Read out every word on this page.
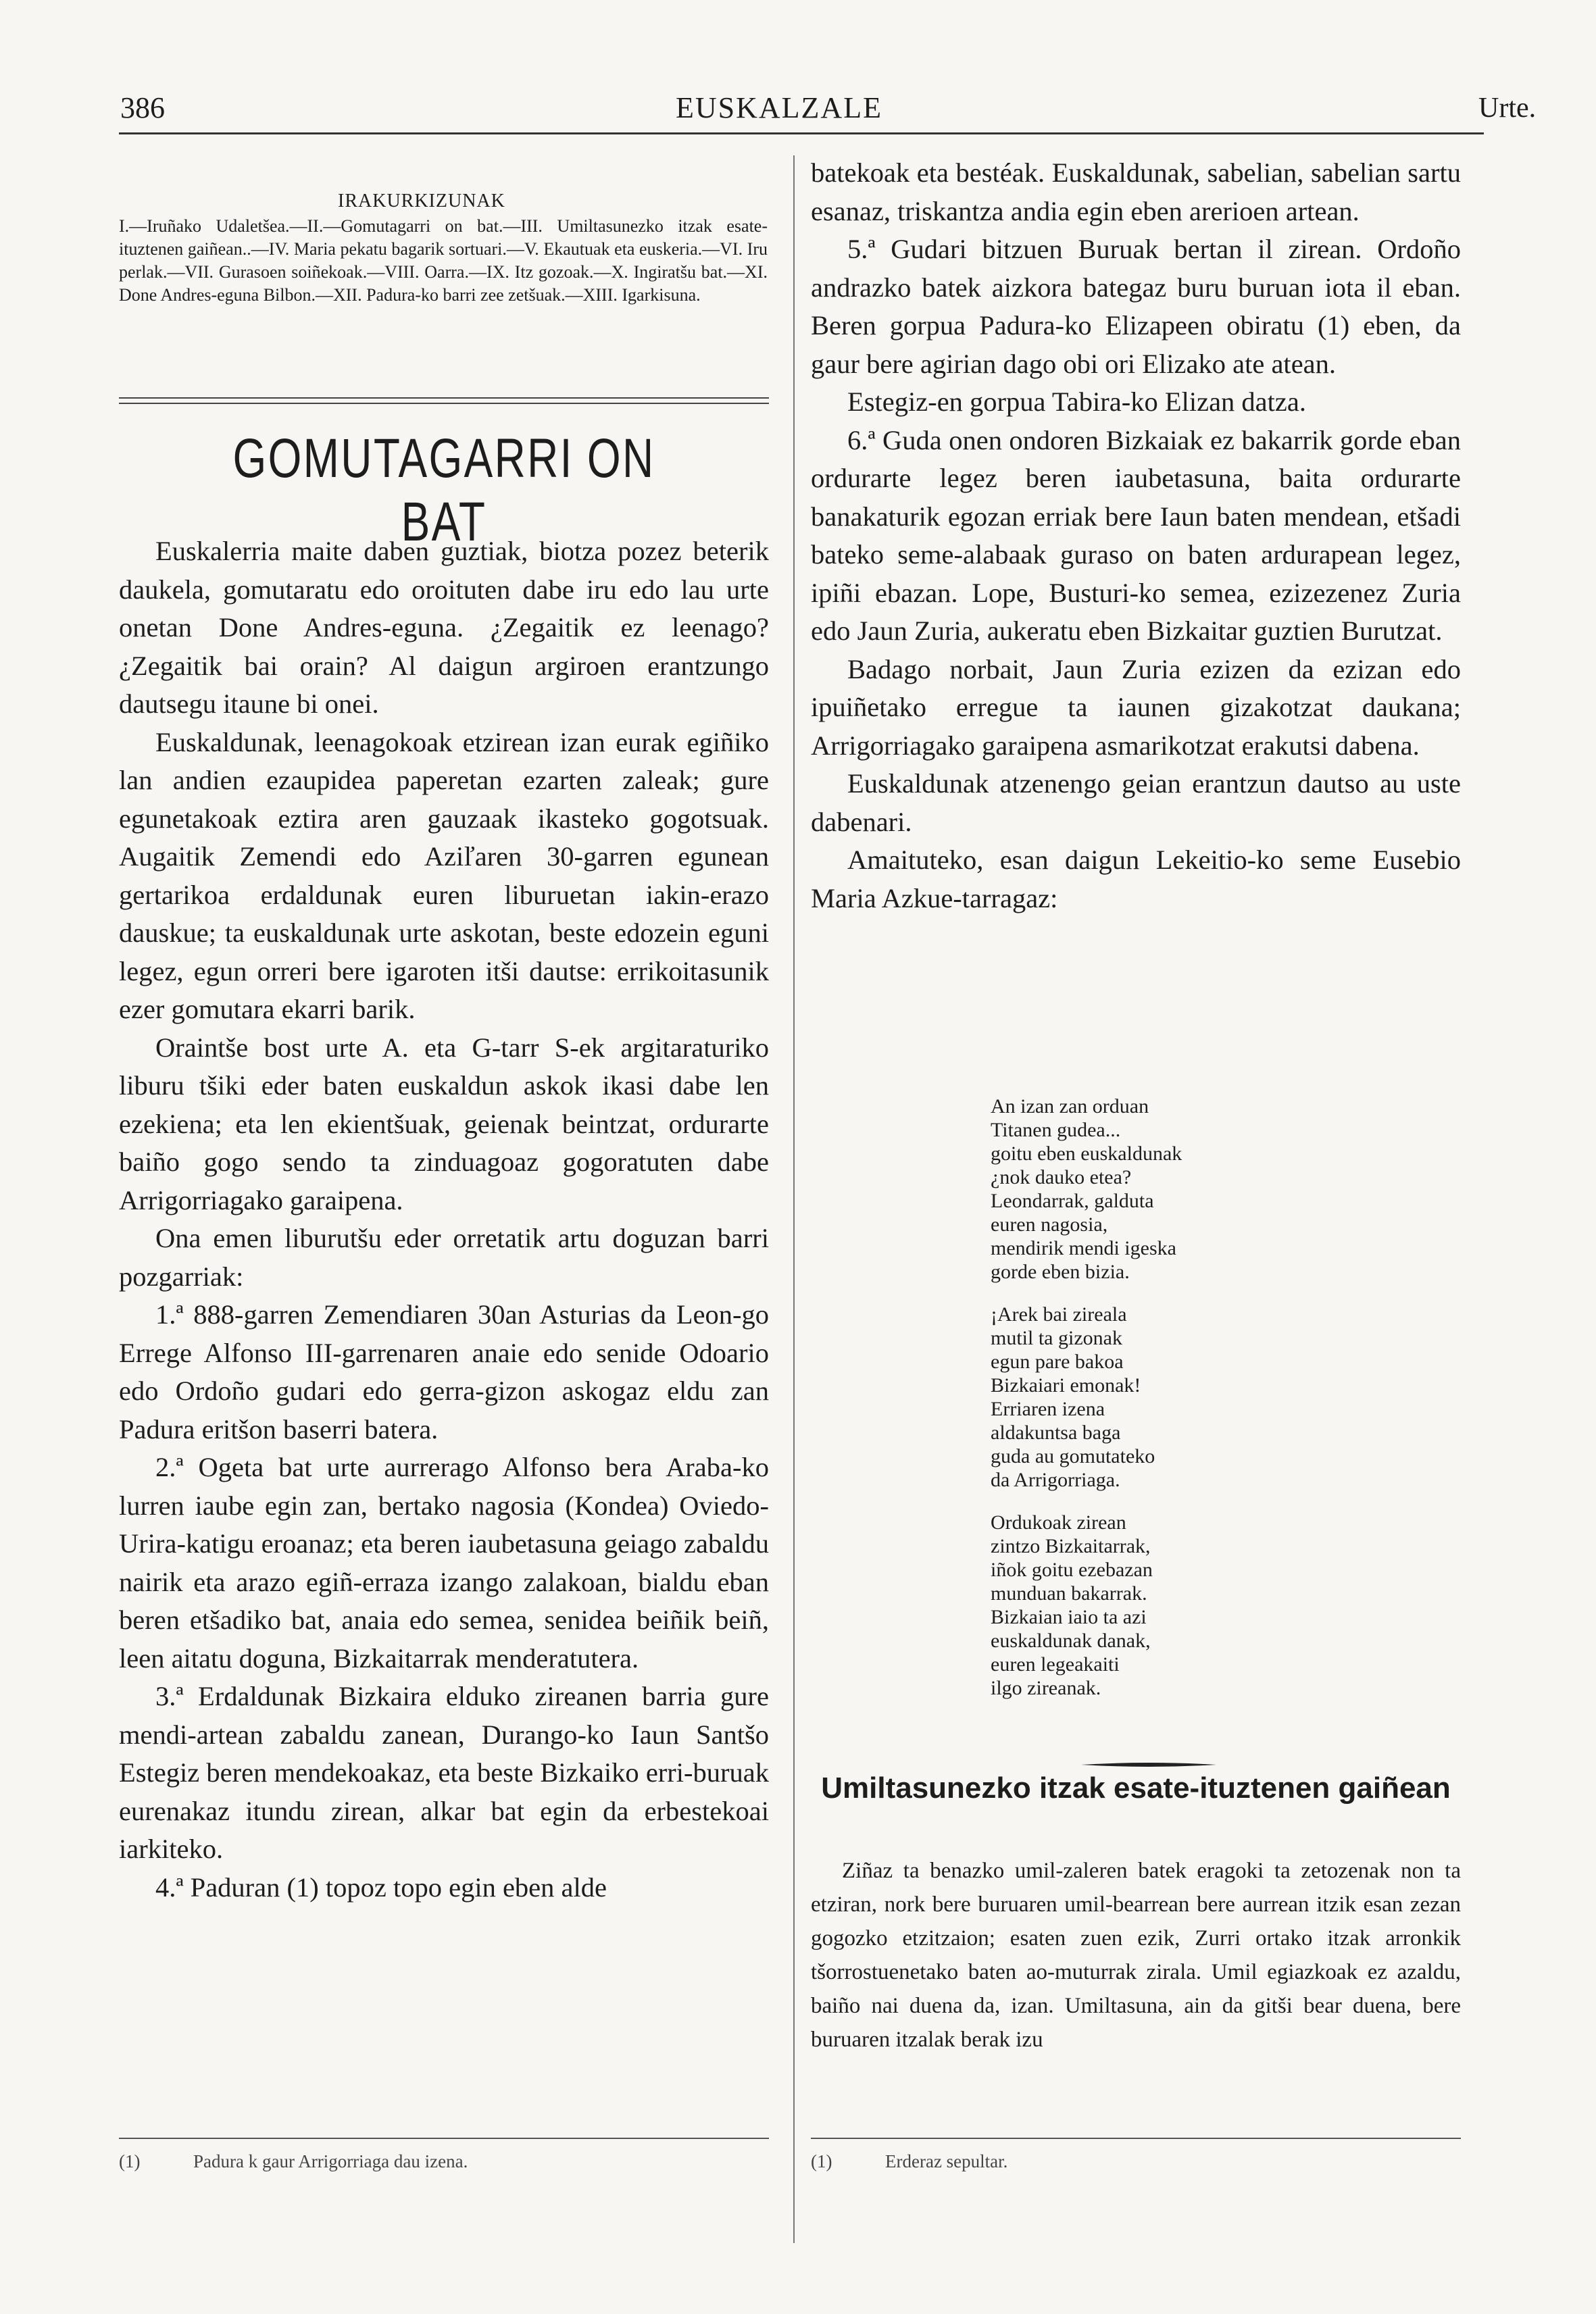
386	EUSKALZALE	Urte.
IRAKURKIZUNAK
I.—Iruñako Udaletšea.—II.—Gomutagarri on bat.—III. Umiltasunezko itzak esate-ituztenen gaiñean..—IV. Maria pekatu bagarik sortuari.—V. Ekautuak eta euskeria.—VI. Iru perlak.—VII. Gurasoen soiñekoak.—VIII. Oarra.—IX. Itz gozoak.—X. Ingiratšu bat.—XI. Done Andres-eguna Bilbon.—XII. Padura-ko barri zee zetšuak.—XIII. Igarkisuna.
GOMUTAGARRI ON BAT

Euskalerria maite daben guztiak, biotza pozez beterik daukela, gomutaratu edo oroituten dabe iru edo lau urte onetan Done Andres-eguna. ¿Zegaitik ez leenago? ¿Zegaitik bai orain? Al daigun argiroen erantzungo dautsegu itaune bi onei.

Euskaldunak, leenagokoak etzirean izan eurak egiñiko lan andien ezaupidea paperetan ezarten zaleak; gure egunetakoak eztira aren gauzaak ikasteko gogotsuak. Augaitik Zemendi edo Aziľaren 30-garren egunean gertarikoa erdaldunak euren liburuetan iakin-erazo dauskue; ta euskaldunak urte askotan, beste edozein eguni legez, egun orreri bere igaroten itši dautse: errikoitasunik ezer gomutara ekarri barik.

Oraintše bost urte A. eta G-tarr S-ek argitaraturiko liburu tšiki eder baten euskaldun askok ikasi dabe len ezekiena; eta len ekientšuak, geienak beintzat, ordurarte baiño gogo sendo ta zinduagoaz gogoratuten dabe Arrigorriagako garaipena.

Ona emen liburutšu eder orretatik artu doguzan barri pozgarriak:

1.ª 888-garren Zemendiaren 30an Asturias da Leon-go Errege Alfonso III-garrenaren anaie edo senide Odoario edo Ordoño gudari edo gerra-gizon askogaz eldu zan Padura eritšon baserri batera.

2.ª Ogeta bat urte aurrerago Alfonso bera Araba-ko lurren iaube egin zan, bertako nagosia (Kondea) Oviedo-Urira-katigu eroanaz; eta beren iaubetasuna geiago zabaldu nairik eta arazo egiñ-erraza izango zalakoan, bialdu eban beren etšadiko bat, anaia edo semea, senidea beiñik beiñ, leen aitatu doguna, Bizkaitarrak menderatutera.

3.ª Erdaldunak Bizkaira elduko zireanen barria gure mendi-artean zabaldu zanean, Durango-ko Iaun Santšo Estegiz beren mendekoakaz, eta beste Bizkaiko erri-buruak eurenakaz itundu zirean, alkar bat egin da erbestekoai iarkiteko.

4.ª Paduran (1) topoz topo egin eben alde

batekoak eta bestéak. Euskaldunak, sabelian, sabelian sartu esanaz, triskantza andia egin eben arerioen artean.

5.ª Gudari bitzuen Buruak bertan il zirean. Ordoño andrazko batek aizkora bategaz buru buruan iota il eban. Beren gorpua Padura-ko Elizapeen obiratu (1) eben, da gaur bere agirian dago obi ori Elizako ate atean.

Estegiz-en gorpua Tabira-ko Elizan datza.

6.ª Guda onen ondoren Bizkaiak ez bakarrik gorde eban ordurarte legez beren iaubetasuna, baita ordurarte banakaturik egozan erriak bere Iaun baten mendean, etšadi bateko seme-alabaak guraso on baten ardurapean legez, ipiñi ebazan. Lope, Busturi-ko semea, ezizezenez Zuria edo Jaun Zuria, aukeratu eben Bizkaitar guztien Burutzat.

Badago norbait, Jaun Zuria ezizen da ezizan edo ipuiñetako erregue ta iaunen gizakotzat daukana; Arrigorriagako garaipena asmarikotzat erakutsi dabena.

Euskaldunak atzenengo geian erantzun dautso au uste dabenari.

Amaituteko, esan daigun Lekeitio-ko seme Eusebio Maria Azkue-tarragaz:

An izan zan orduan

Titanen gudea...

goitu eben euskaldunak

¿nok dauko etea?

Leondarrak, galduta

euren nagosia,

mendirik mendi igeska

gorde eben bizia.

¡Arek bai zireala

mutil ta gizonak

egun pare bakoa

Bizkaiari emonak!

Erriaren izena

aldakuntsa baga

guda au gomutateko

da Arrigorriaga.

Ordukoak zirean

zintzo Bizkaitarrak,

iñok goitu ezebazan

munduan bakarrak.

Bizkaian iaio ta azi

euskaldunak danak,

euren legeakaiti

ilgo zireanak.

Umiltasunezko itzak esate-ituztenen gaiñean

Ziñaz ta benazko umil-zaleren batek eragoki ta zetozenak non ta etziran, nork bere buruaren umil-bearrean bere aurrean itzik esan zezan gogozko etzitzaion; esaten zuen ezik, Zurri ortako itzak arronkik tšorrostuenetako baten ao-muturrak zirala. Umil egiazkoak ez azaldu, baiño nai duena da, izan. Umiltasuna, ain da gitši bear duena, bere buruaren itzalak berak izu

(1)	Padura k gaur Arrigorriaga dau izena.	(1)	Erderaz sepultar.
